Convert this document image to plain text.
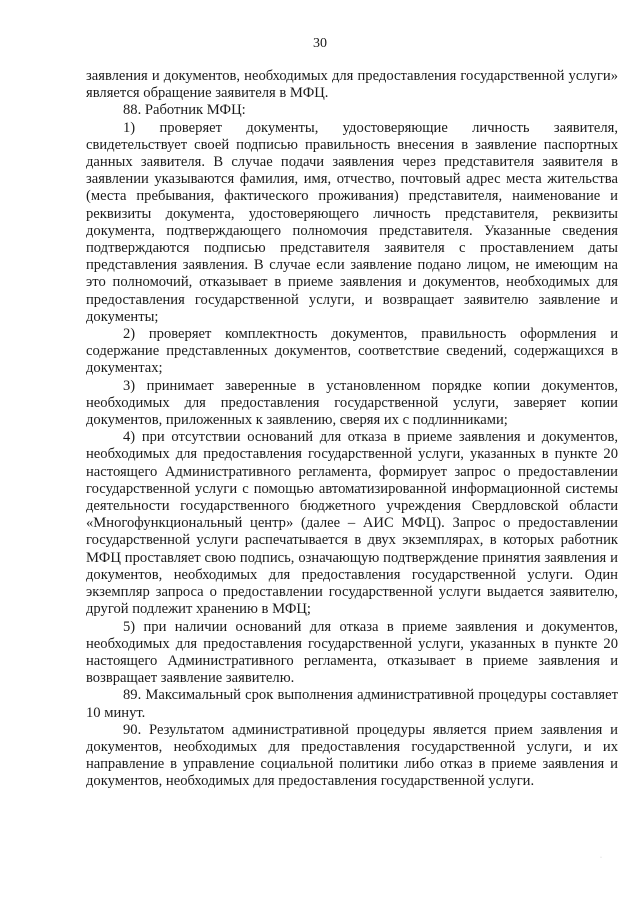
30

заявления и документов, необходимых для предоставления государственной услуги» является обращение заявителя в МФЦ.

88. Работник МФЦ:

1) проверяет документы, удостоверяющие личность заявителя, свидетельствует своей подписью правильность внесения в заявление паспортных данных заявителя. В случае подачи заявления через представителя заявителя в заявлении указываются фамилия, имя, отчество, почтовый адрес места жительства (места пребывания, фактического проживания) представителя, наименование и реквизиты документа, удостоверяющего личность представителя, реквизиты документа, подтверждающего полномочия представителя. Указанные сведения подтверждаются подписью представителя заявителя с проставлением даты представления заявления. В случае если заявление подано лицом, не имеющим на это полномочий, отказывает в приеме заявления и документов, необходимых для предоставления государственной услуги, и возвращает заявителю заявление и документы;

2) проверяет комплектность документов, правильность оформления и содержание представленных документов, соответствие сведений, содержащихся в документах;

3) принимает заверенные в установленном порядке копии документов, необходимых для предоставления государственной услуги, заверяет копии документов, приложенных к заявлению, сверяя их с подлинниками;

4) при отсутствии оснований для отказа в приеме заявления и документов, необходимых для предоставления государственной услуги, указанных в пункте 20 настоящего Административного регламента, формирует запрос о предоставлении государственной услуги с помощью автоматизированной информационной системы деятельности государственного бюджетного учреждения Свердловской области «Многофункциональный центр» (далее – АИС МФЦ). Запрос о предоставлении государственной услуги распечатывается в двух экземплярах, в которых работник МФЦ проставляет свою подпись, означающую подтверждение принятия заявления и документов, необходимых для предоставления государственной услуги. Один экземпляр запроса о предоставлении государственной услуги выдается заявителю, другой подлежит хранению в МФЦ;

5) при наличии оснований для отказа в приеме заявления и документов, необходимых для предоставления государственной услуги, указанных в пункте 20 настоящего Административного регламента, отказывает в приеме заявления и возвращает заявление заявителю.

89. Максимальный срок выполнения административной процедуры составляет 10 минут.

90. Результатом административной процедуры является прием заявления и документов, необходимых для предоставления государственной услуги, и их направление в управление социальной политики либо отказ в приеме заявления и документов, необходимых для предоставления государственной услуги.

·
